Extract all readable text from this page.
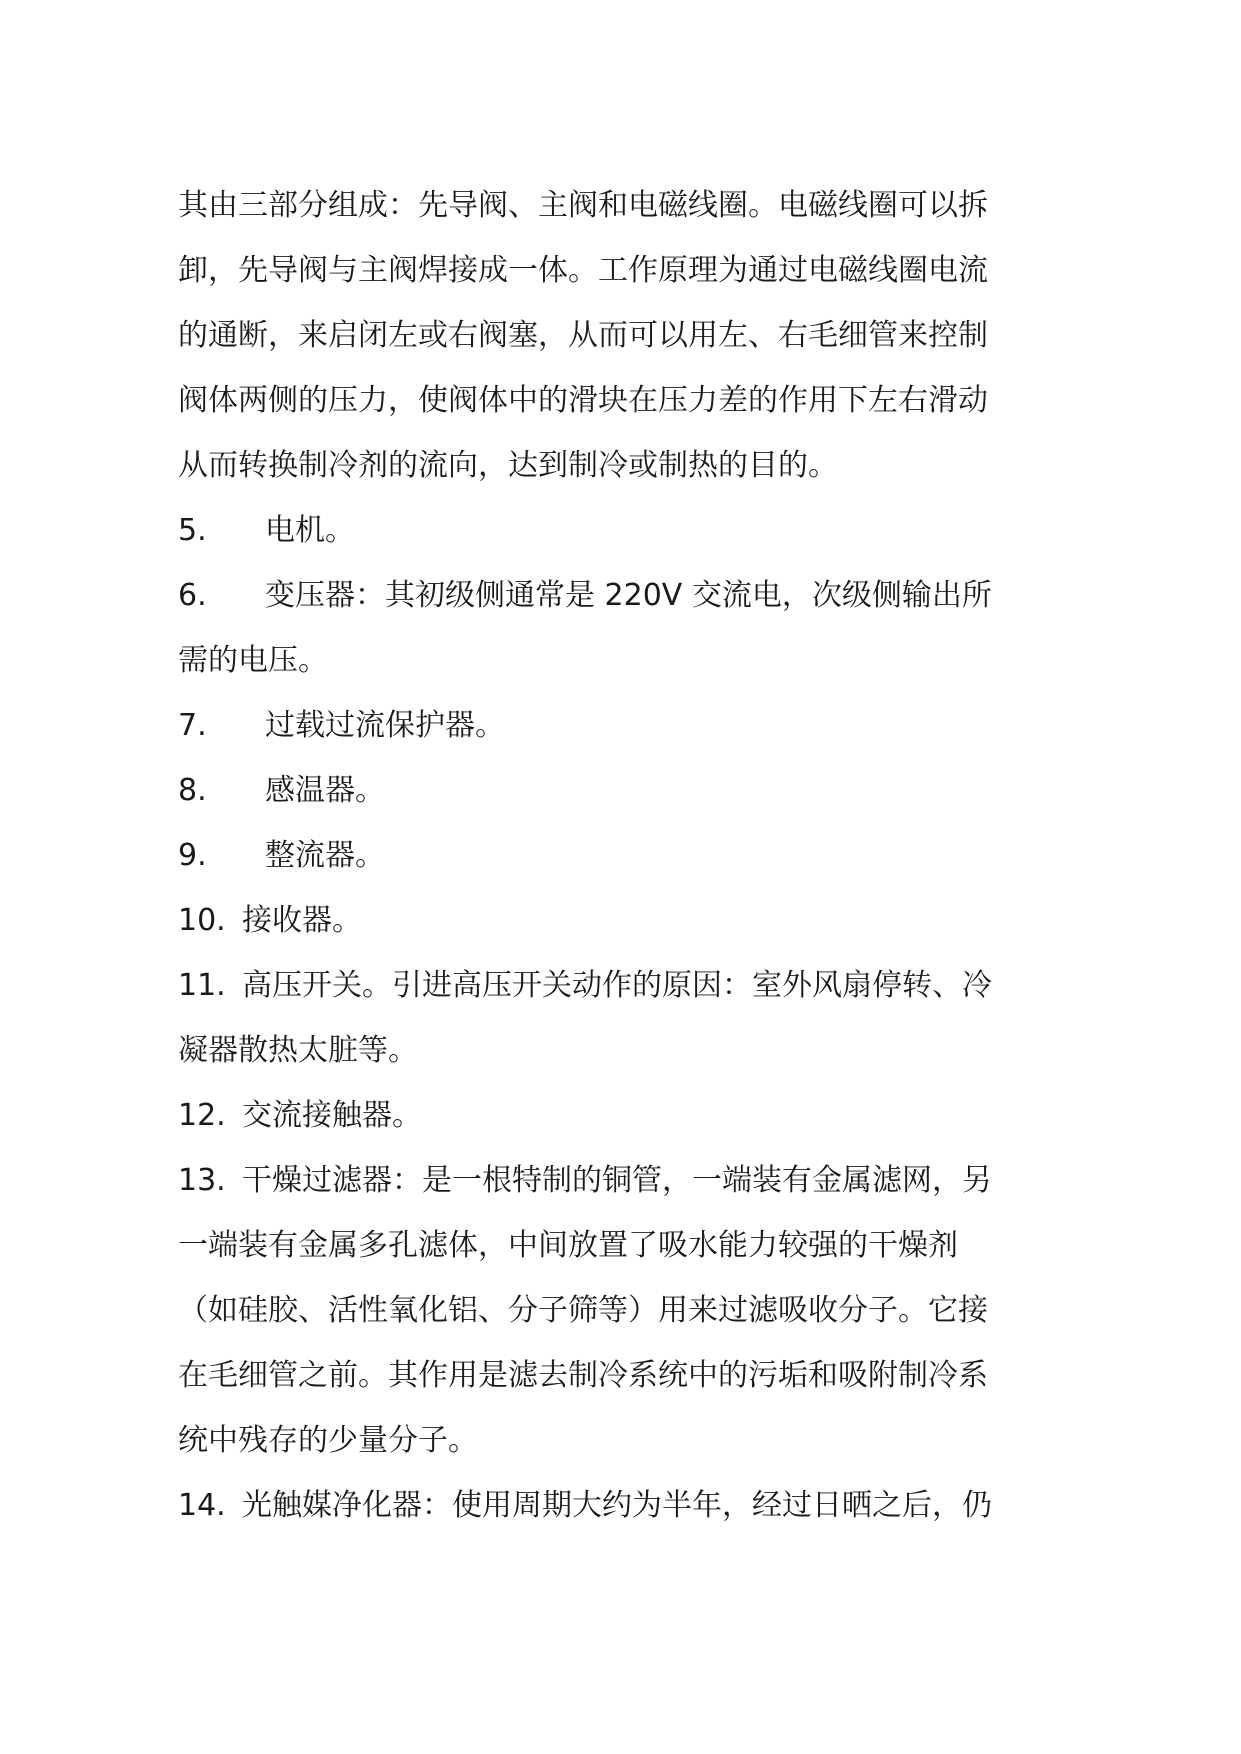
其由三部分组成：先导阀、主阀和电磁线圈。电磁线圈可以拆
卸，先导阀与主阀焊接成一体。工作原理为通过电磁线圈电流
的通断，来启闭左或右阀塞，从而可以用左、右毛细管来控制
阀体两侧的压力，使阀体中的滑块在压力差的作用下左右滑动
从而转换制冷剂的流向，达到制冷或制热的目的。
5.	电机。
6.	变压器：其初级侧通常是 220V 交流电，次级侧输出所
需的电压。
7.	过载过流保护器。
8.	感温器。
9.	整流器。
10. 接收器。
11. 高压开关。引进高压开关动作的原因：室外风扇停转、冷
凝器散热太脏等。
12. 交流接触器。
13. 干燥过滤器：是一根特制的铜管，一端装有金属滤网，另
一端装有金属多孔滤体，中间放置了吸水能力较强的干燥剂
（如硅胶、活性氧化铝、分子筛等）用来过滤吸收分子。它接
在毛细管之前。其作用是滤去制冷系统中的污垢和吸附制冷系
统中残存的少量分子。
14. 光触媒净化器：使用周期大约为半年，经过日晒之后，仍
